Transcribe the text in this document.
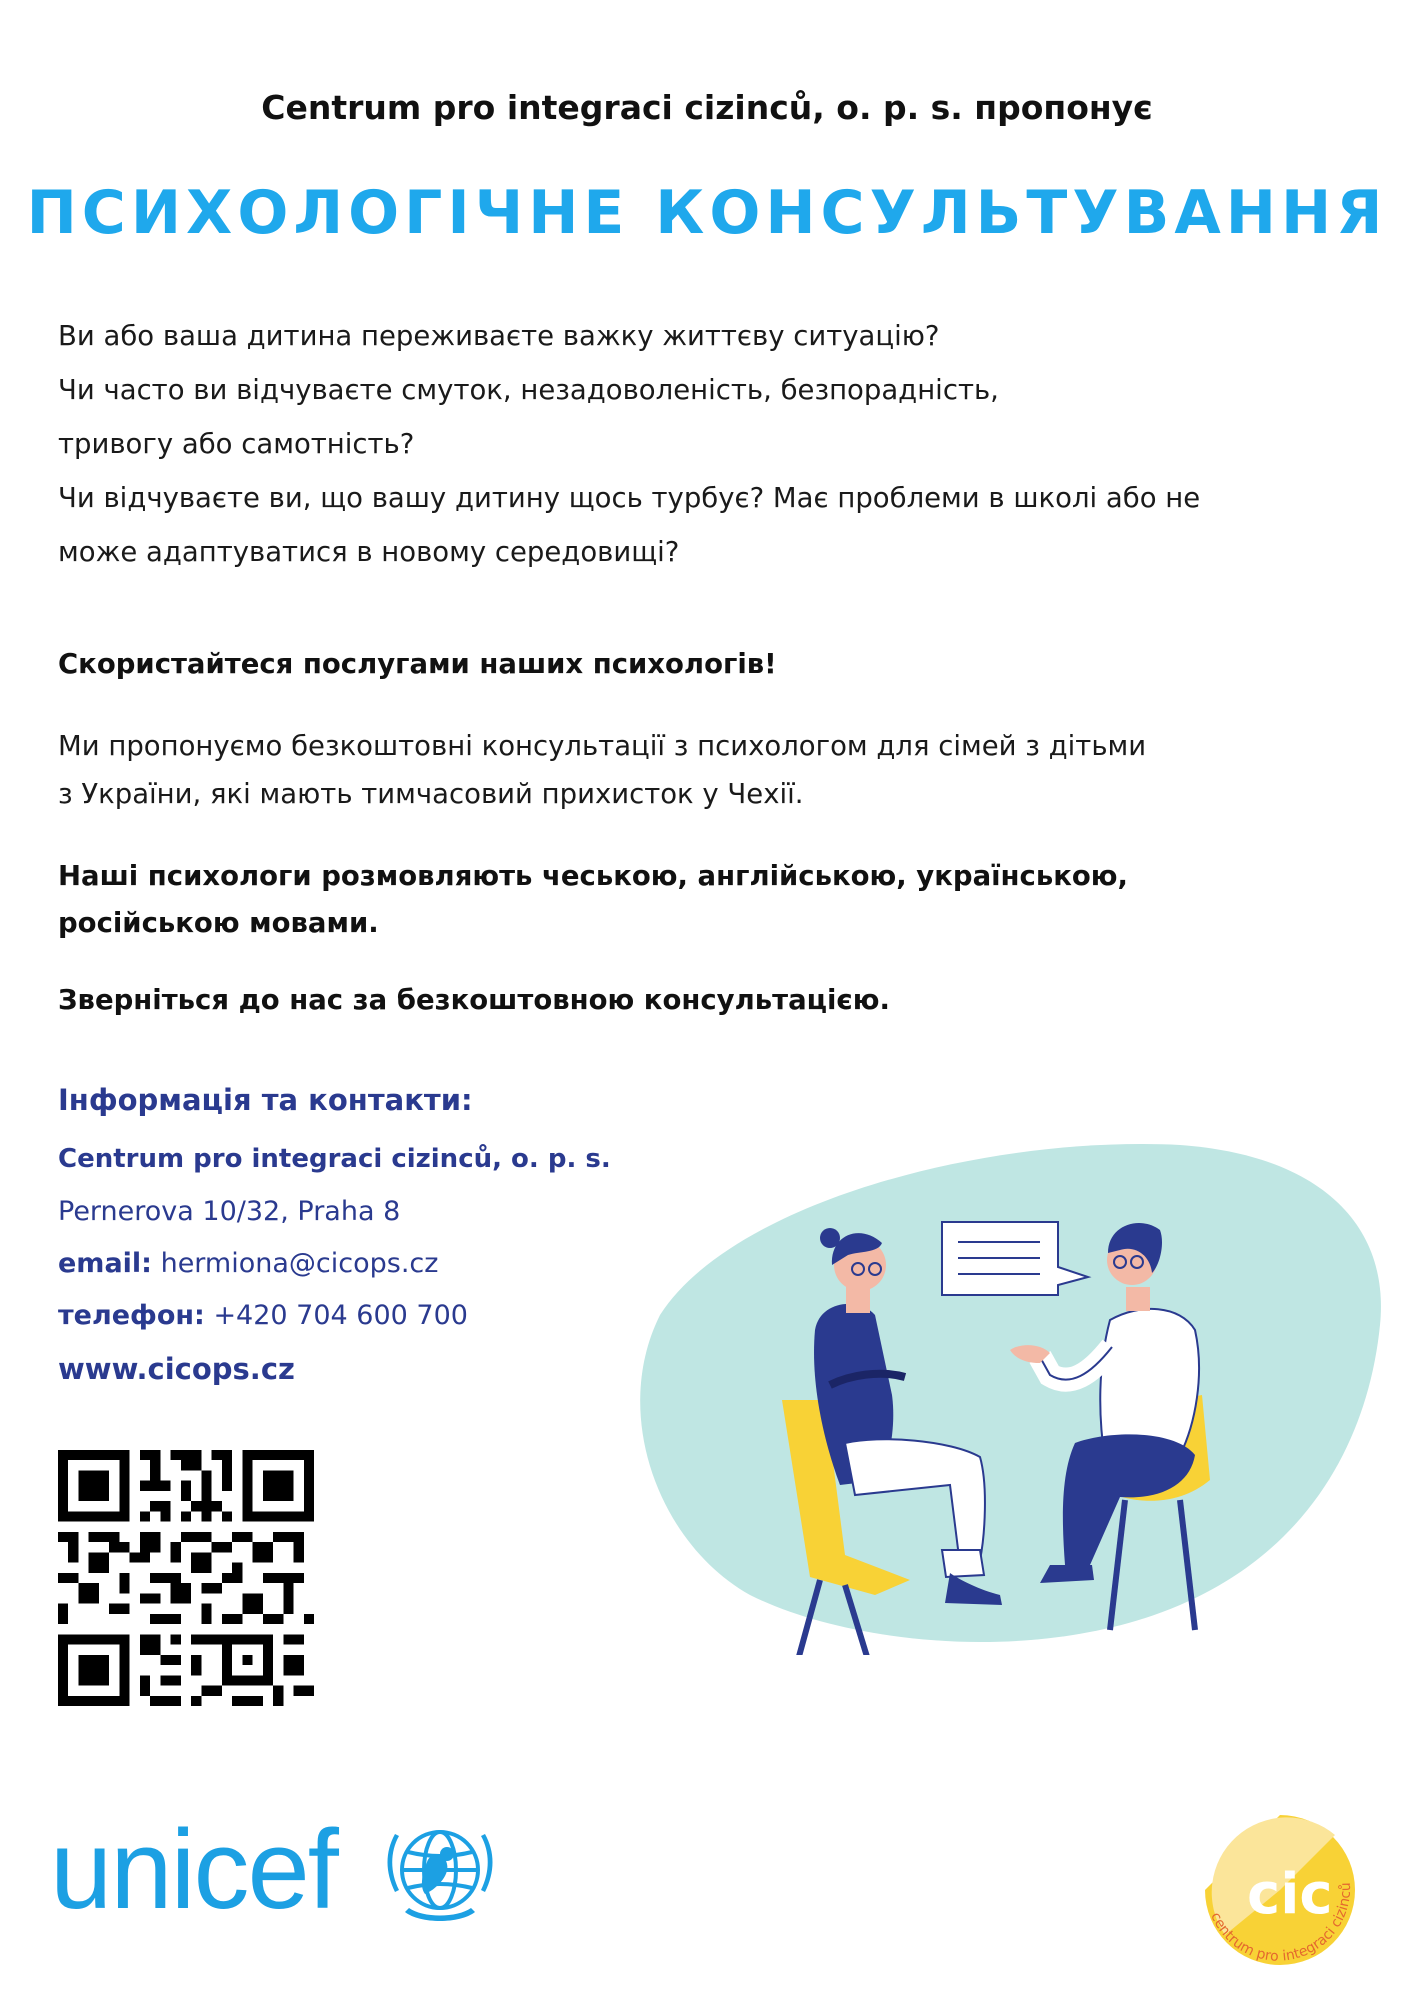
Centrum pro integraci cizinců, o. p. s. пропонує
ПСИХОЛОГІЧНЕ КОНСУЛЬТУВАННЯ
Ви або ваша дитина переживаєте важку життєву ситуацію?
Чи часто ви відчуваєте смуток, незадоволеність, безпорадність,
тривогу або самотність?
Чи відчуваєте ви, що вашу дитину щось турбує? Має проблеми в школі або не
може адаптуватися в новому середовищі?
Скористайтеся послугами наших психологів!
Ми пропонуємо безкоштовні консультації з психологом для сімей з дітьми
з України, які мають тимчасовий прихисток у Чехії.
Наші психологи розмовляють чеською, англійською, українською,
російською мовами.
Зверніться до нас за безкоштовною консультацією.
Інформація та контакти:
Centrum pro integraci cizinců, o. p. s.
Pernerova 10/32, Praha 8
email: hermiona@cicops.cz
телефон: +420 704 600 700
www.cicops.cz
unicef	cic
centrum pro integraci cizinců
